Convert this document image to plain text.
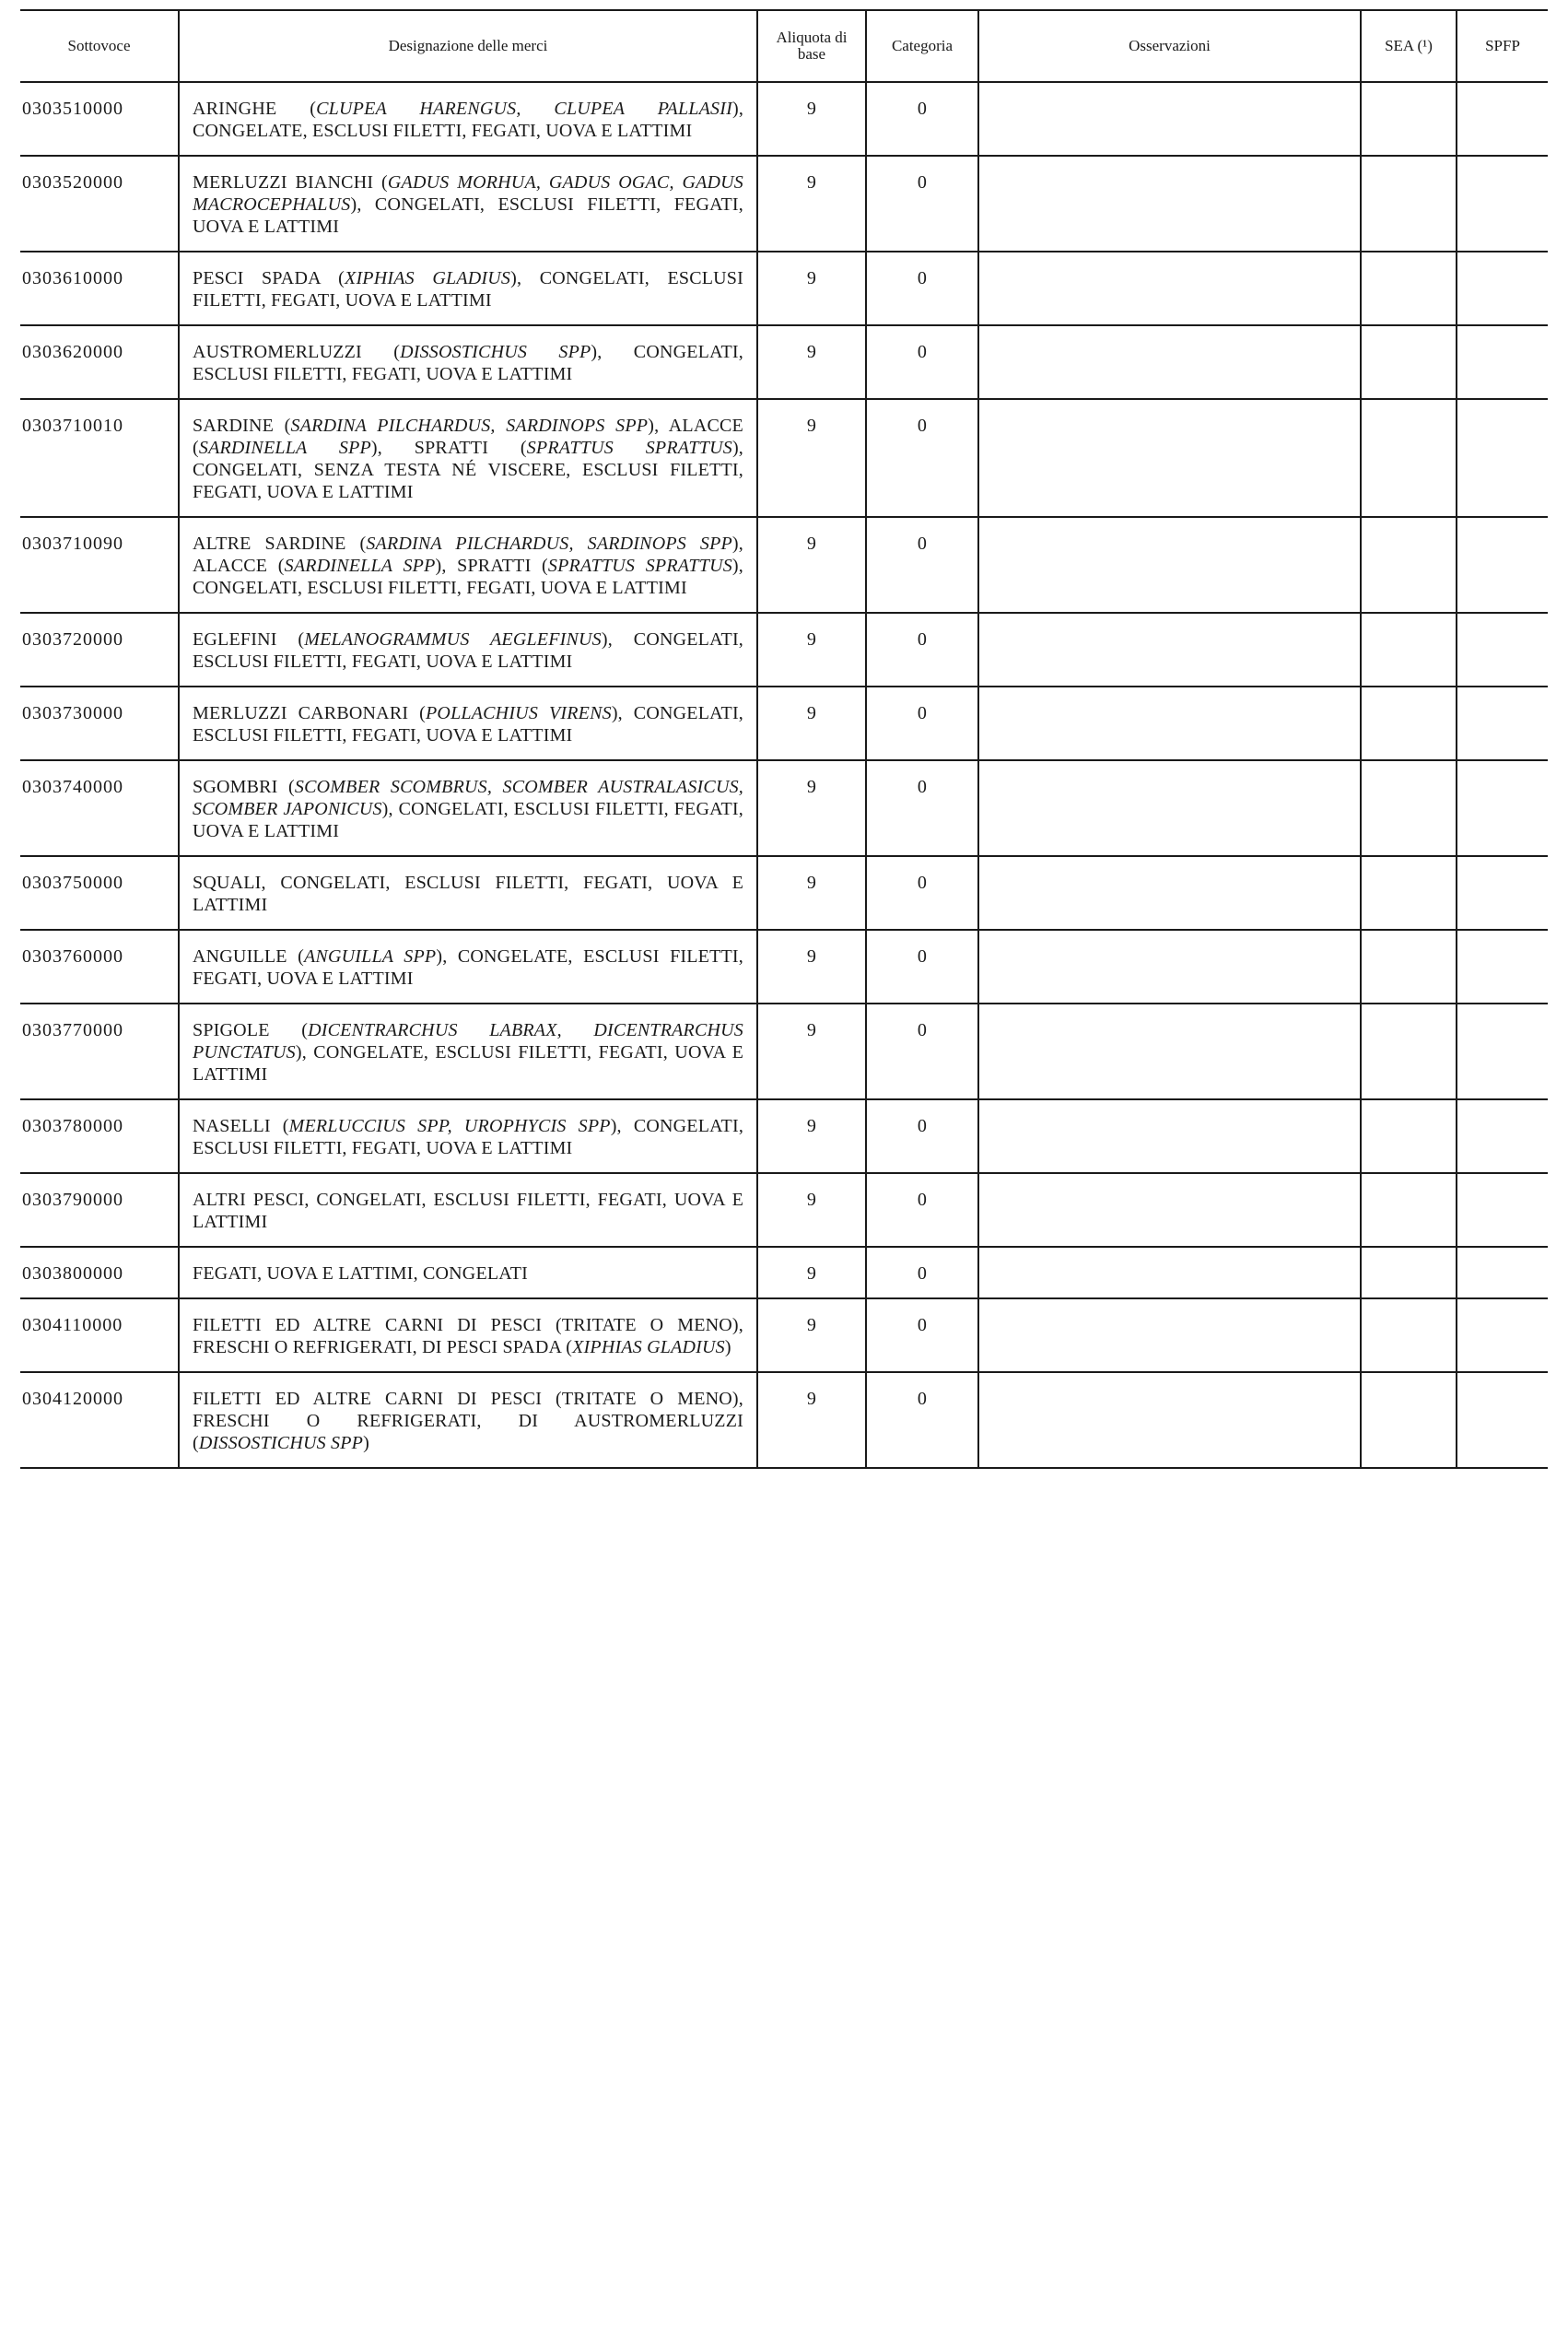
Sottovoce	Designazione delle merci	Aliquota di base	Categoria	Osservazioni	SEA (¹)	SPFP
0303510000	ARINGHE (CLUPEA HARENGUS, CLUPEA PALLASII), CONGELATE, ESCLUSI FILETTI, FEGATI, UOVA E LATTIMI	9	0			
0303520000	MERLUZZI BIANCHI (GADUS MORHUA, GADUS OGAC, GADUS MACROCEPHALUS), CONGELATI, ESCLUSI FILETTI, FEGATI, UOVA E LATTIMI	9	0			
0303610000	PESCI SPADA (XIPHIAS GLADIUS), CONGELATI, ESCLUSI FILETTI, FEGATI, UOVA E LATTIMI	9	0			
0303620000	AUSTROMERLUZZI (DISSOSTICHUS SPP), CONGELATI, ESCLUSI FILETTI, FEGATI, UOVA E LATTIMI	9	0			
0303710010	SARDINE (SARDINA PILCHARDUS, SARDINOPS SPP), ALACCE (SARDINELLA SPP), SPRATTI (SPRATTUS SPRATTUS), CONGELATI, SENZA TESTA NÉ VISCERE, ESCLUSI FILETTI, FEGATI, UOVA E LATTIMI	9	0			
0303710090	ALTRE SARDINE (SARDINA PILCHARDUS, SARDINOPS SPP), ALACCE (SARDINELLA SPP), SPRATTI (SPRATTUS SPRATTUS), CONGELATI, ESCLUSI FILETTI, FEGATI, UOVA E LATTIMI	9	0			
0303720000	EGLEFINI (MELANOGRAMMUS AEGLEFINUS), CONGELATI, ESCLUSI FILETTI, FEGATI, UOVA E LATTIMI	9	0			
0303730000	MERLUZZI CARBONARI (POLLACHIUS VIRENS), CONGELATI, ESCLUSI FILETTI, FEGATI, UOVA E LATTIMI	9	0			
0303740000	SGOMBRI (SCOMBER SCOMBRUS, SCOMBER AUSTRALASICUS, SCOMBER JAPONICUS), CONGELATI, ESCLUSI FILETTI, FEGATI, UOVA E LATTIMI	9	0			
0303750000	SQUALI, CONGELATI, ESCLUSI FILETTI, FEGATI, UOVA E LATTIMI	9	0			
0303760000	ANGUILLE (ANGUILLA SPP), CONGELATE, ESCLUSI FILETTI, FEGATI, UOVA E LATTIMI	9	0			
0303770000	SPIGOLE (DICENTRARCHUS LABRAX, DICENTRARCHUS PUNCTATUS), CONGELATE, ESCLUSI FILETTI, FEGATI, UOVA E LATTIMI	9	0			
0303780000	NASELLI (MERLUCCIUS SPP, UROPHYCIS SPP), CONGELATI, ESCLUSI FILETTI, FEGATI, UOVA E LATTIMI	9	0			
0303790000	ALTRI PESCI, CONGELATI, ESCLUSI FILETTI, FEGATI, UOVA E LATTIMI	9	0			
0303800000	FEGATI, UOVA E LATTIMI, CONGELATI	9	0			
0304110000	FILETTI ED ALTRE CARNI DI PESCI (TRITATE O MENO), FRESCHI O REFRIGERATI, DI PESCI SPADA (XIPHIAS GLADIUS)	9	0			
0304120000	FILETTI ED ALTRE CARNI DI PESCI (TRITATE O MENO), FRESCHI O REFRIGERATI, DI AUSTROMERLUZZI (DISSOSTICHUS SPP)	9	0			
